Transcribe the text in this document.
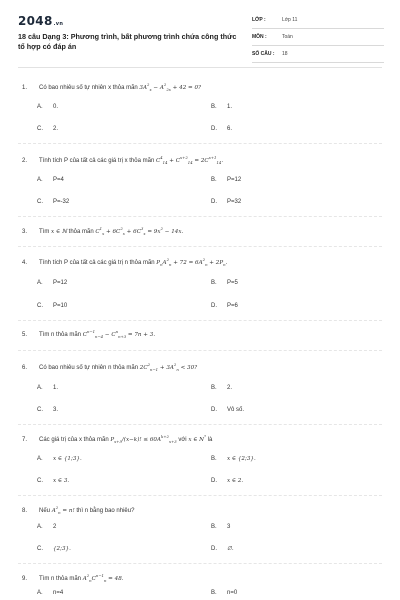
2048.vn
18 câu Dạng 3: Phương trình, bất phương trình chứa công thức tổ hợp có đáp án
LỚP :	Lớp 11
MÔN :	Toán
SỐ CÂU : 18
1. Có bao nhiêu số tự nhiên x thỏa mãn $3A^2_x - A^2_{2x} + 42 = 0$?
A. 0.	B. 1.
C. 2.	D. 6.
2. Tính tích P của tất cả các giá trị x thỏa mãn $C^4_{14} + C^{x+2}_{14} = 2C^{x+1}_{14}$.
A. P=4	B. P=12
C. P=-32	D. P=32
3. Tìm x ∈ ℕ thỏa mãn $C^1_x + 6C^2_x + 6C^3_x = 9x^2 - 14x$.
4. Tính tích P của tất cả các giá trị n thỏa mãn $P_nA^2_n + 72 = 6A^2_n + 2P_n$.
A. P=12	B. P=5
C. P=10	D. P=6
5. Tìm n thỏa mãn $C^{n-1}_{n-4} - C^n_{n+3} = 7n + 3$.
6. Có bao nhiêu số tự nhiên n thỏa mãn $2C^2_{n-1} + 3A^2_n < 30$?
A. 1.	B. 2.
C. 3.	D. Vô số.
7. Các giá trị của x thỏa mãn $P_{x+5}/(x-k)$! ≤ $60A^{k+2}_{x+3}$ với x ∈ N* là
A. x ∈ {1;3}.	B. x ∈ {2;3}.
C. x ∈ 3.	D. x ∈ 2.
8. Nếu $A^2_n = n$! thì n bằng bao nhiêu?
A. 2	B. 3
C. {2;3}.	D. ∅.
9. Tìm n thỏa mãn $A^2_nC^{n-1}_n = 48$.
A. n=4	B. n=0
